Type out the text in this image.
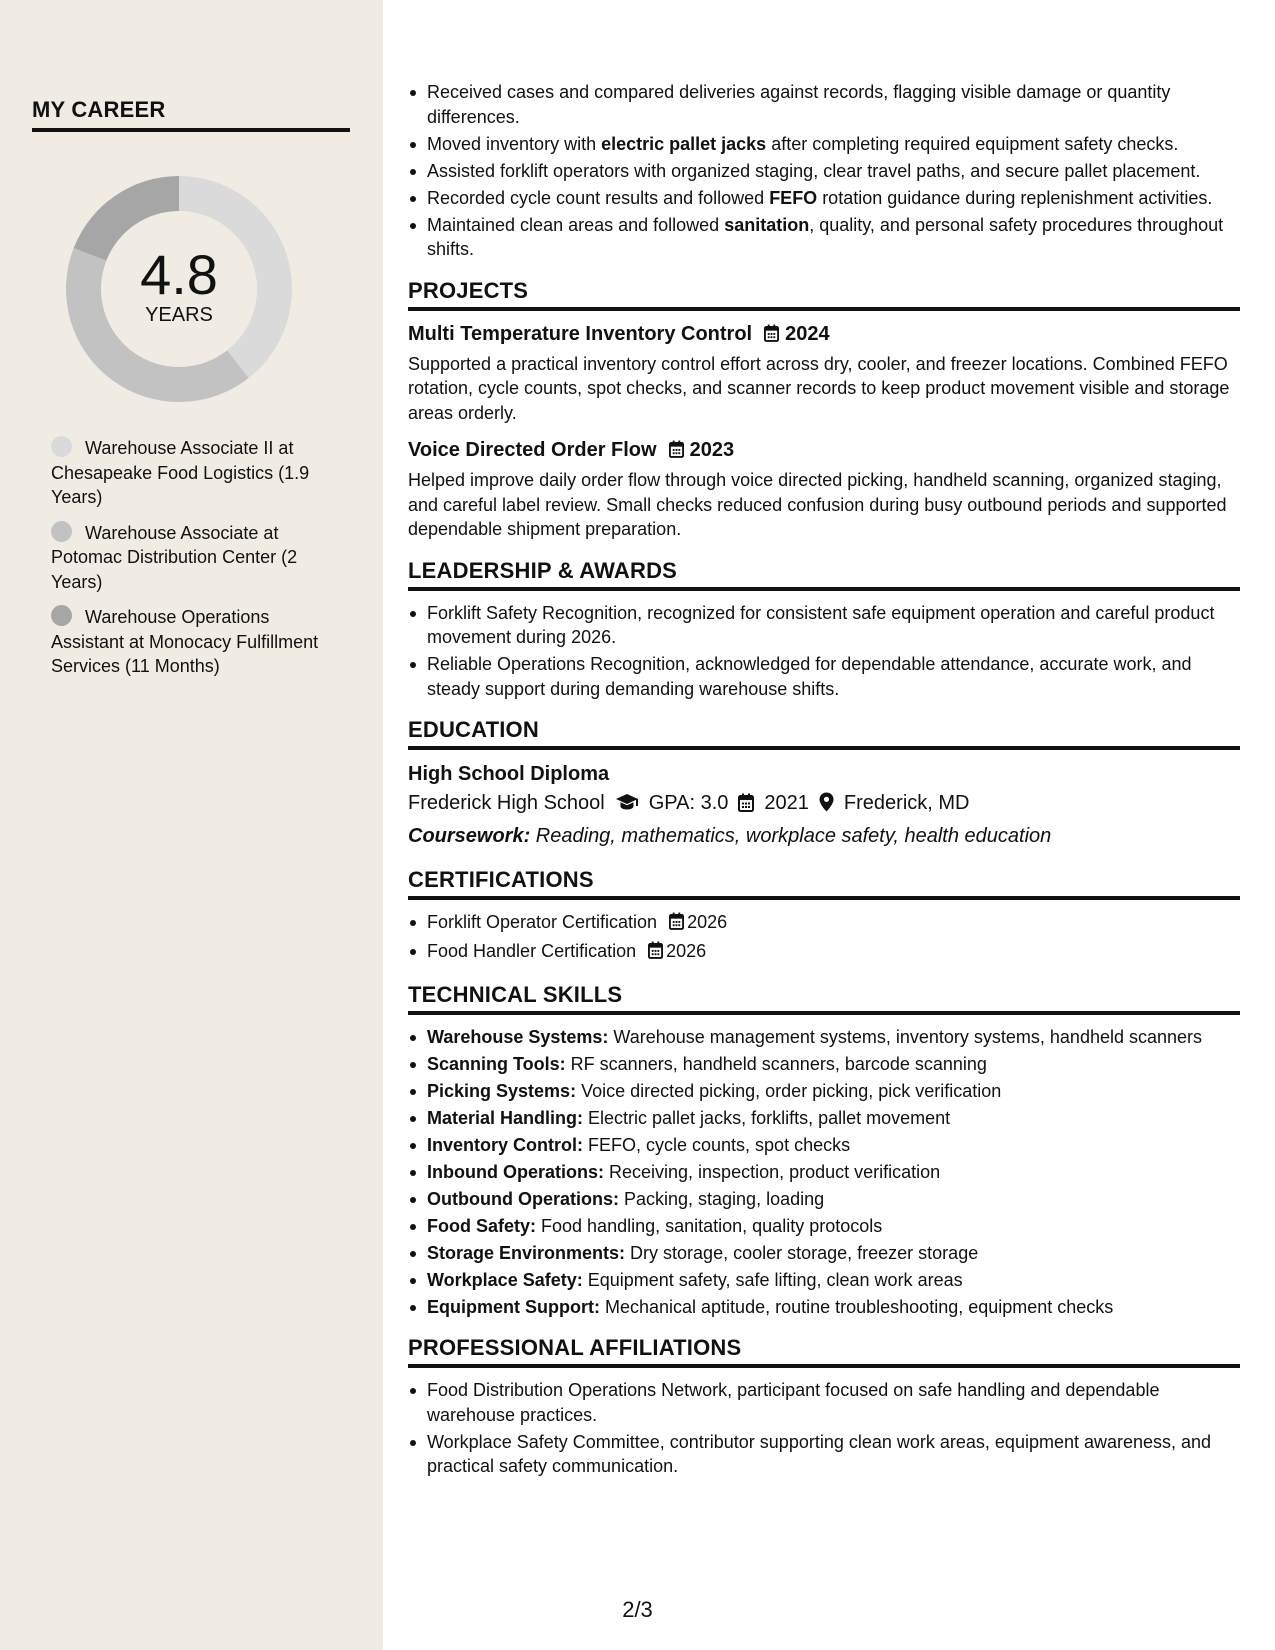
MY CAREER
4.8
YEARS
Warehouse Associate II at Chesapeake Food Logistics (1.9 Years)
Warehouse Associate at Potomac Distribution Center (2 Years)
Warehouse Operations Assistant at Monocacy Fulfillment Services (11 Months)
Received cases and compared deliveries against records, flagging visible damage or quantity differences.
Moved inventory with electric pallet jacks after completing required equipment safety checks.
Assisted forklift operators with organized staging, clear travel paths, and secure pallet placement.
Recorded cycle count results and followed FEFO rotation guidance during replenishment activities.
Maintained clean areas and followed sanitation, quality, and personal safety procedures throughout shifts.
PROJECTS
Multi Temperature Inventory Control 2024
Supported a practical inventory control effort across dry, cooler, and freezer locations. Combined FEFO rotation, cycle counts, spot checks, and scanner records to keep product movement visible and storage areas orderly.
Voice Directed Order Flow 2023
Helped improve daily order flow through voice directed picking, handheld scanning, organized staging, and careful label review. Small checks reduced confusion during busy outbound periods and supported dependable shipment preparation.
LEADERSHIP & AWARDS
Forklift Safety Recognition, recognized for consistent safe equipment operation and careful product movement during 2026.
Reliable Operations Recognition, acknowledged for dependable attendance, accurate work, and steady support during demanding warehouse shifts.
EDUCATION
High School Diploma
Frederick High School GPA: 3.0 2021 Frederick, MD
Coursework: Reading, mathematics, workplace safety, health education
CERTIFICATIONS
Forklift Operator Certification 2026
Food Handler Certification 2026
TECHNICAL SKILLS
Warehouse Systems: Warehouse management systems, inventory systems, handheld scanners
Scanning Tools: RF scanners, handheld scanners, barcode scanning
Picking Systems: Voice directed picking, order picking, pick verification
Material Handling: Electric pallet jacks, forklifts, pallet movement
Inventory Control: FEFO, cycle counts, spot checks
Inbound Operations: Receiving, inspection, product verification
Outbound Operations: Packing, staging, loading
Food Safety: Food handling, sanitation, quality protocols
Storage Environments: Dry storage, cooler storage, freezer storage
Workplace Safety: Equipment safety, safe lifting, clean work areas
Equipment Support: Mechanical aptitude, routine troubleshooting, equipment checks
PROFESSIONAL AFFILIATIONS
Food Distribution Operations Network, participant focused on safe handling and dependable warehouse practices.
Workplace Safety Committee, contributor supporting clean work areas, equipment awareness, and practical safety communication.
2/3
